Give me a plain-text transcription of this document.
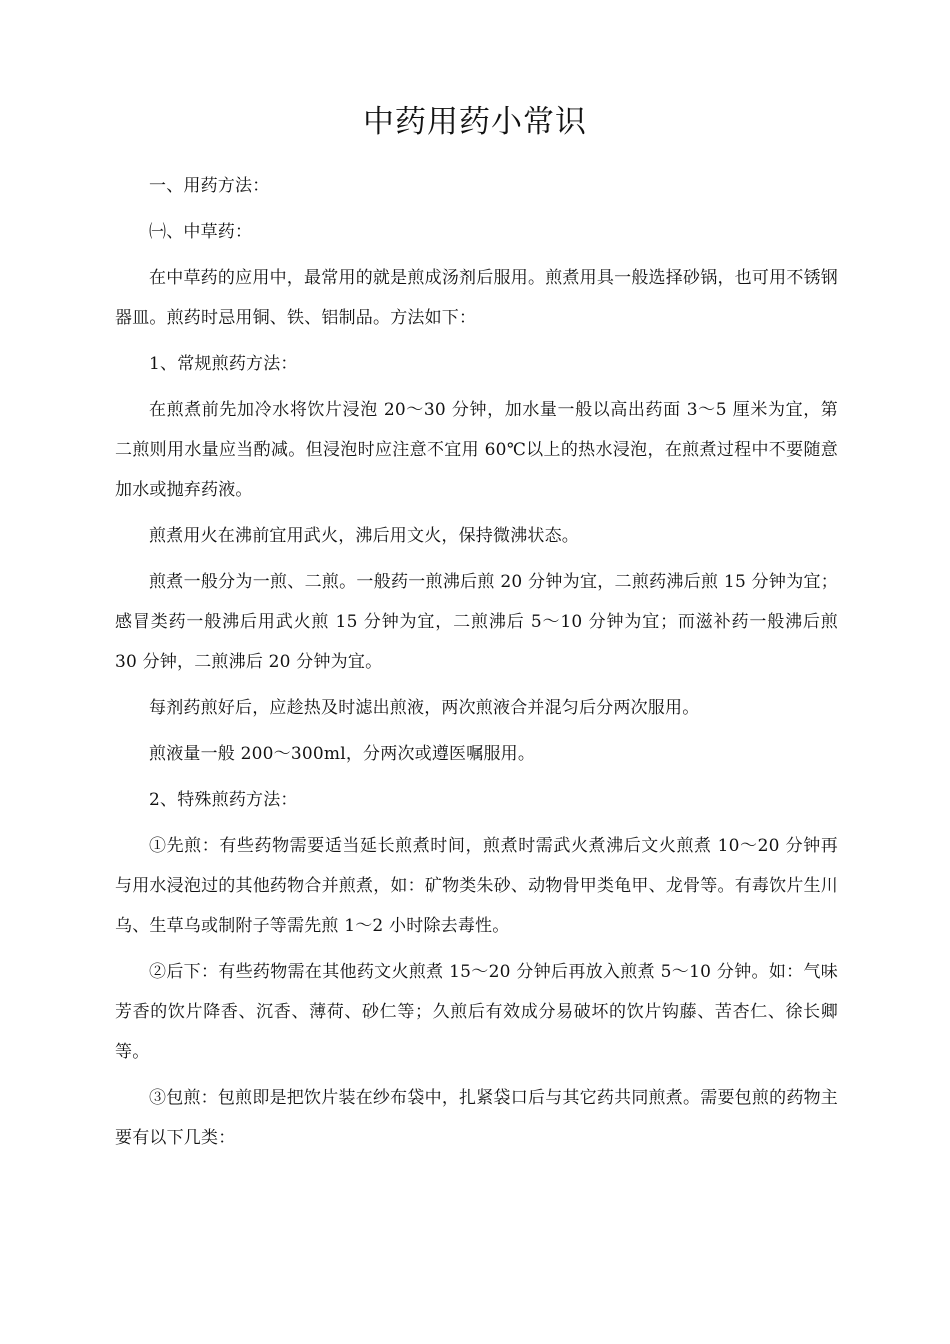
中药用药小常识

一、用药方法：

㈠、中草药：

在中草药的应用中，最常用的就是煎成汤剂后服用。煎煮用具一般选择砂锅，也可用不锈钢器皿。煎药时忌用铜、铁、铝制品。方法如下：

1、常规煎药方法：

在煎煮前先加冷水将饮片浸泡 20～30 分钟，加水量一般以高出药面 3～5 厘米为宜，第二煎则用水量应当酌减。但浸泡时应注意不宜用 60℃以上的热水浸泡，在煎煮过程中不要随意加水或抛弃药液。

煎煮用火在沸前宜用武火，沸后用文火，保持微沸状态。

煎煮一般分为一煎、二煎。一般药一煎沸后煎 20 分钟为宜，二煎药沸后煎 15 分钟为宜；感冒类药一般沸后用武火煎 15 分钟为宜，二煎沸后 5～10 分钟为宜；而滋补药一般沸后煎 30 分钟，二煎沸后 20 分钟为宜。

每剂药煎好后，应趁热及时滤出煎液，两次煎液合并混匀后分两次服用。

煎液量一般 200～300ml，分两次或遵医嘱服用。

2、特殊煎药方法：

①先煎：有些药物需要适当延长煎煮时间，煎煮时需武火煮沸后文火煎煮 10～20 分钟再与用水浸泡过的其他药物合并煎煮，如：矿物类朱砂、动物骨甲类龟甲、龙骨等。有毒饮片生川乌、生草乌或制附子等需先煎 1～2 小时除去毒性。

②后下：有些药物需在其他药文火煎煮 15～20 分钟后再放入煎煮 5～10 分钟。如：气味芳香的饮片降香、沉香、薄荷、砂仁等；久煎后有效成分易破坏的饮片钩藤、苦杏仁、徐长卿等。

③包煎：包煎即是把饮片装在纱布袋中，扎紧袋口后与其它药共同煎煮。需要包煎的药物主要有以下几类：
